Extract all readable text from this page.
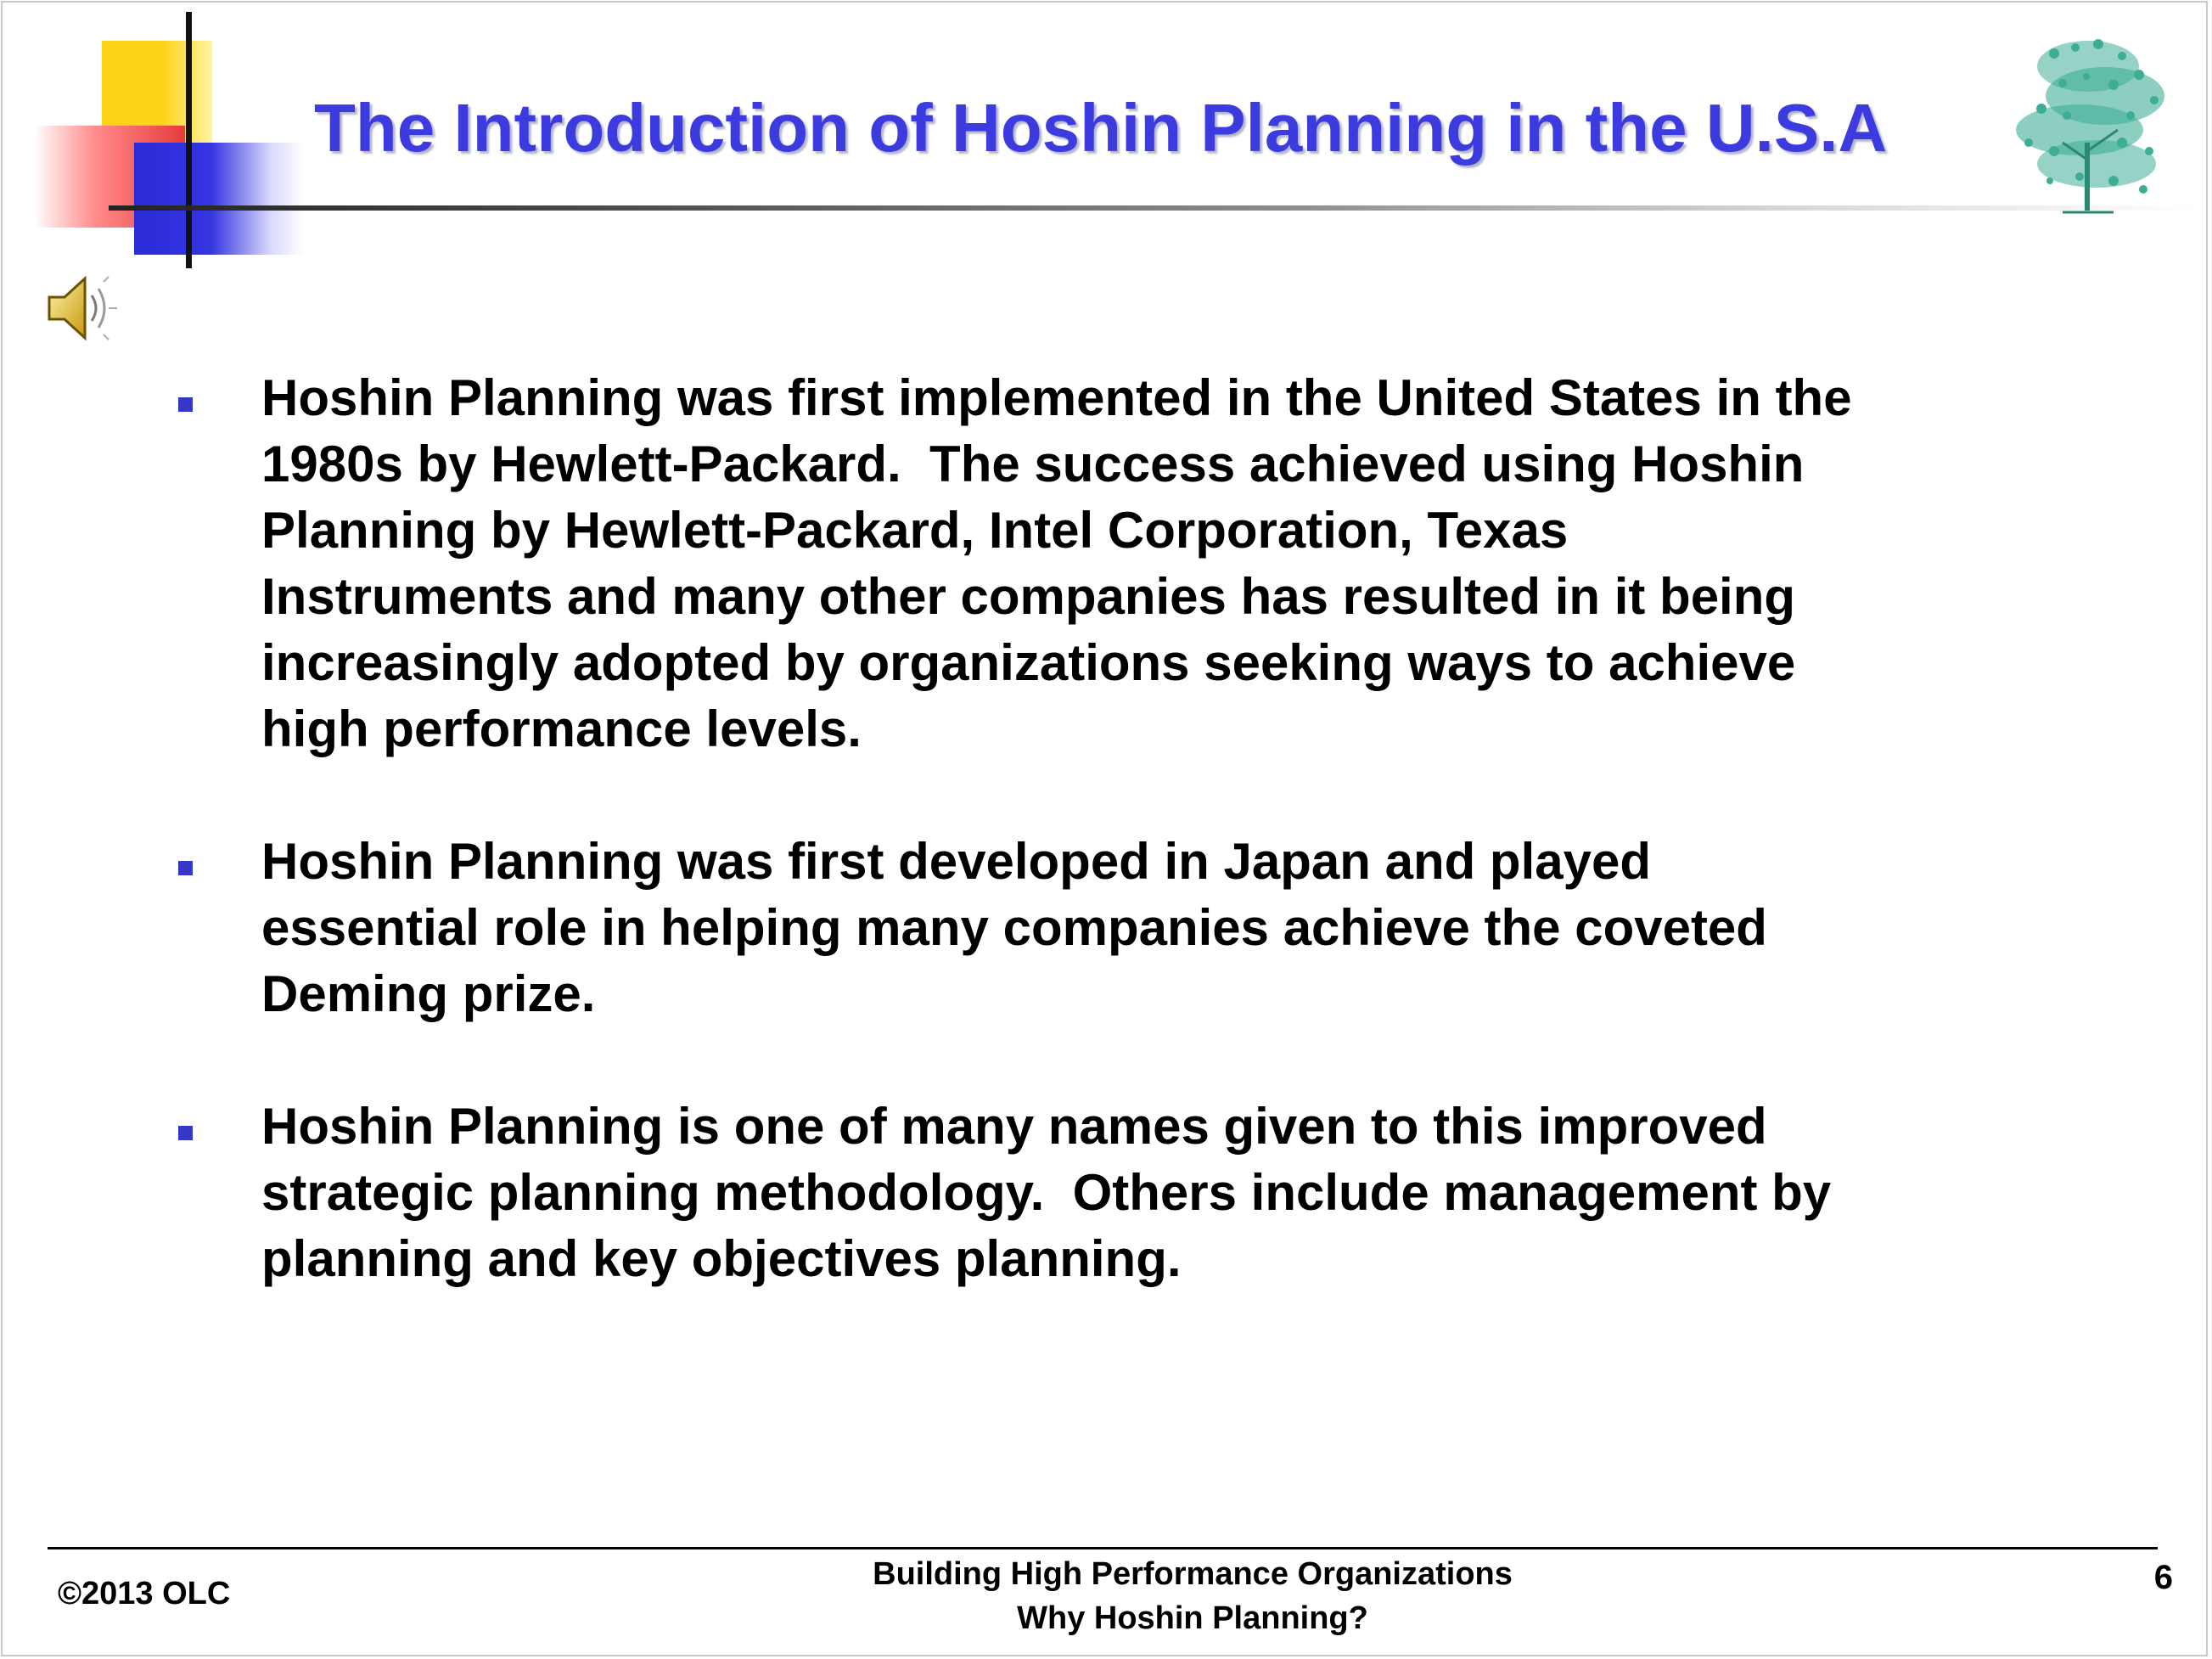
The Introduction of Hoshin Planning in the U.S.A
Hoshin Planning was first implemented in the United States in the
1980s by Hewlett-Packard.  The success achieved using Hoshin
Planning by Hewlett-Packard, Intel Corporation, Texas
Instruments and many other companies has resulted in it being
increasingly adopted by organizations seeking ways to achieve
high performance levels.
Hoshin Planning was first developed in Japan and played
essential role in helping many companies achieve the coveted
Deming prize.
Hoshin Planning is one of many names given to this improved
strategic planning methodology.  Others include management by
planning and key objectives planning.
©2013 OLC
Building High Performance Organizations
Why Hoshin Planning?
6
